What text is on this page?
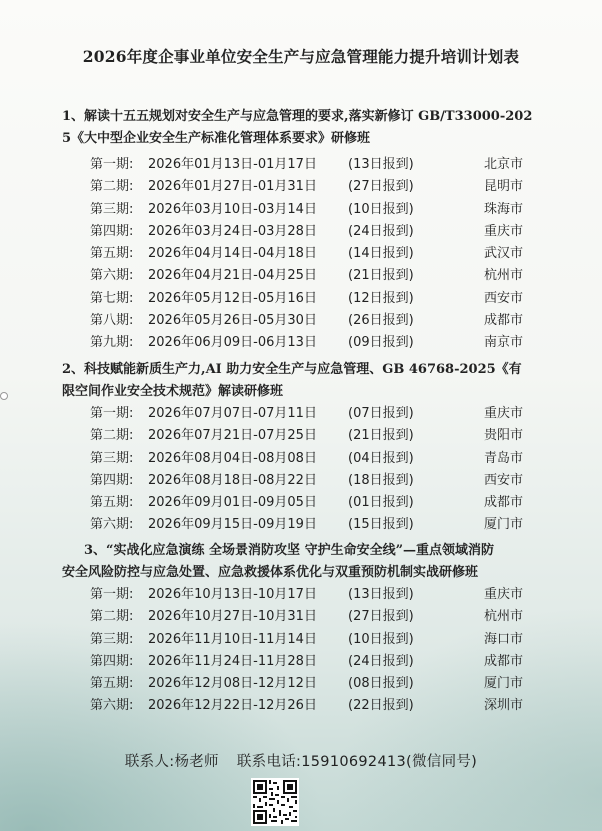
2026年度企事业单位安全生产与应急管理能力提升培训计划表
1、解读十五五规划对安全生产与应急管理的要求,落实新修订 GB/T33000-202
5《大中型企业安全生产标准化管理体系要求》研修班
第一期: 2026年01月13日-01月17日 (13日报到)	北京市
第二期: 2026年01月27日-01月31日 (27日报到)	昆明市
第三期: 2026年03月10日-03月14日 (10日报到)	珠海市
第四期: 2026年03月24日-03月28日 (24日报到)	重庆市
第五期: 2026年04月14日-04月18日 (14日报到)	武汉市
第六期: 2026年04月21日-04月25日 (21日报到)	杭州市
第七期: 2026年05月12日-05月16日 (12日报到)	西安市
第八期: 2026年05月26日-05月30日 (26日报到)	成都市
第九期: 2026年06月09日-06月13日 (09日报到)	南京市
2、科技赋能新质生产力,AI 助力安全生产与应急管理、GB 46768-2025《有
限空间作业安全技术规范》解读研修班
第一期: 2026年07月07日-07月11日 (07日报到)	重庆市
第二期: 2026年07月21日-07月25日 (21日报到)	贵阳市
第三期: 2026年08月04日-08月08日 (04日报到)	青岛市
第四期: 2026年08月18日-08月22日 (18日报到)	西安市
第五期: 2026年09月01日-09月05日 (01日报到)	成都市
第六期: 2026年09月15日-09月19日 (15日报到)	厦门市
3、“实战化应急演练 全场景消防攻坚 守护生命安全线”—重点领域消防
安全风险防控与应急处置、应急救援体系优化与双重预防机制实战研修班
第一期: 2026年10月13日-10月17日 (13日报到)	重庆市
第二期: 2026年10月27日-10月31日 (27日报到)	杭州市
第三期: 2026年11月10日-11月14日 (10日报到)	海口市
第四期: 2026年11月24日-11月28日 (24日报到)	成都市
第五期: 2026年12月08日-12月12日 (08日报到)	厦门市
第六期: 2026年12月22日-12月26日 (22日报到)	深圳市
联系人:杨老师 联系电话:15910692413(微信同号)
